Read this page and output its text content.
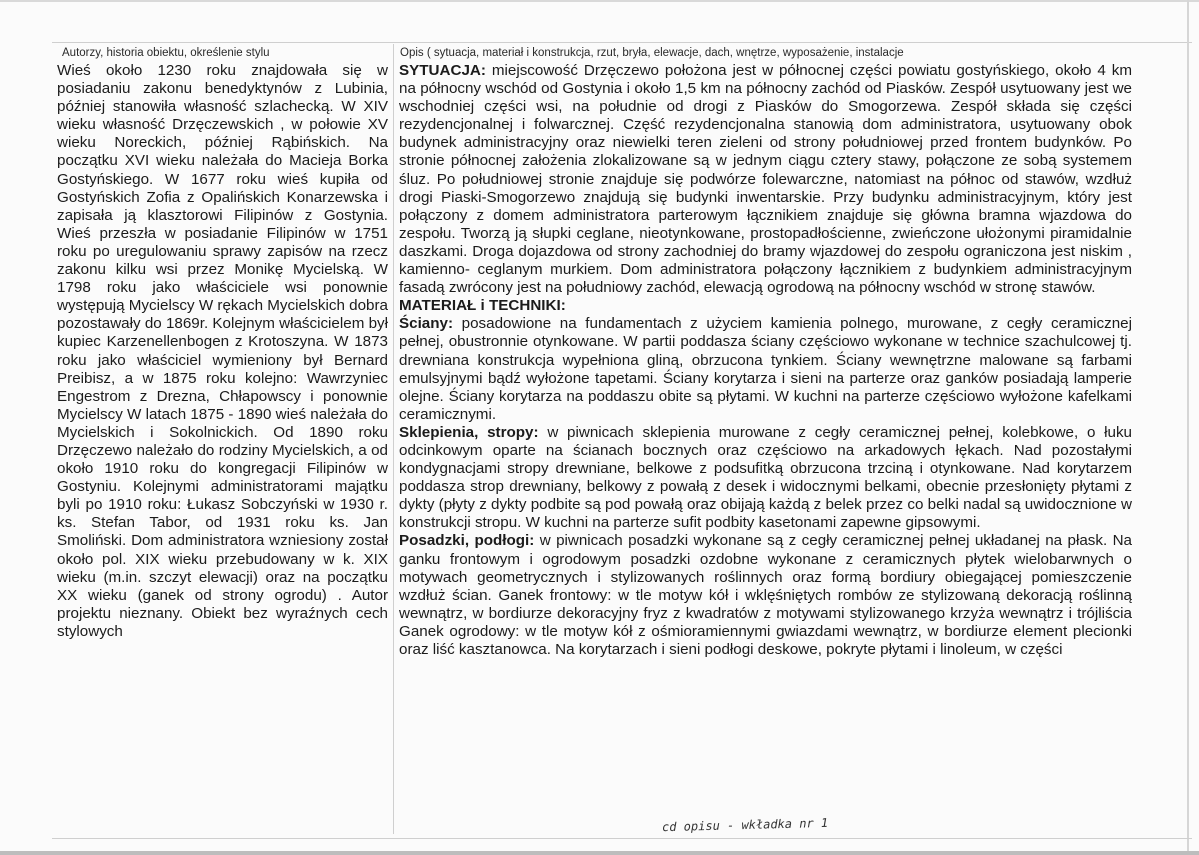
Autorzy, historia obiektu, określenie stylu	Opis ( sytuacja, materiał i konstrukcja, rzut, bryła, elewacje, dach, wnętrze, wyposażenie, instalacje

Wieś około 1230 roku znajdowała się w posiadaniu zakonu benedyktynów z Lubinia, później stanowiła własność szlachecką. W XIV wieku własność Drzęczewskich , w połowie XV wieku Noreckich, później Rąbińskich. Na początku XVI wieku należała do Macieja Borka Gostyńskiego. W 1677 roku wieś kupiła od Gostyńskich Zofia z Opalińskich Konarzewska i zapisała ją klasztorowi Filipinów z Gostynia. Wieś przeszła w posiadanie Filipinów w 1751 roku po uregulowaniu sprawy zapisów na rzecz zakonu kilku wsi przez Monikę Mycielską. W 1798 roku jako właściciele wsi ponownie występują Mycielscy W rękach Mycielskich dobra pozostawały do 1869r. Kolejnym właścicielem był kupiec Karzenellenbogen z Krotoszyna. W 1873 roku jako właściciel wymieniony był Bernard Preibisz, a w 1875 roku kolejno: Wawrzyniec Engestrom z Drezna, Chłapowscy i ponownie Mycielscy W latach 1875 - 1890 wieś należała do Mycielskich i Sokolnickich. Od 1890 roku Drzęczewo należało do rodziny Mycielskich, a od około 1910 roku do kongregacji Filipinów w Gostyniu. Kolejnymi administratorami majątku byli po 1910 roku: Łukasz Sobczyński w 1930 r. ks. Stefan Tabor, od 1931 roku ks. Jan Smoliński. Dom administratora wzniesiony został około pol. XIX wieku przebudowany w k. XIX wieku (m.in. szczyt elewacji) oraz na początku XX wieku (ganek od strony ogrodu) . Autor projektu nieznany. Obiekt bez wyraźnych cech stylowych

SYTUACJA: miejscowość Drzęczewo położona jest w północnej części powiatu gostyńskiego, około 4 km na północny wschód od Gostynia i około 1,5 km na północny zachód od Piasków. Zespół usytuowany jest we wschodniej części wsi, na południe od drogi z Piasków do Smogorzewa. Zespół składa się części rezydencjonalnej i folwarcznej. Część rezydencjonalna stanowią dom administratora, usytuowany obok budynek administracyjny oraz niewielki teren zieleni od strony południowej przed frontem budynków. Po stronie północnej założenia zlokalizowane są w jednym ciągu cztery stawy, połączone ze sobą systemem śluz. Po południowej stronie znajduje się podwórze folewarczne, natomiast na północ od stawów, wzdłuż drogi Piaski-Smogorzewo znajdują się budynki inwentarskie. Przy budynku administracyjnym, który jest połączony z domem administratora parterowym łącznikiem znajduje się główna bramna wjazdowa do zespołu. Tworzą ją słupki ceglane, nieotynkowane, prostopadłościenne, zwieńczone ułożonymi piramidalnie daszkami. Droga dojazdowa od strony zachodniej do bramy wjazdowej do zespołu ograniczona jest niskim , kamienno- ceglanym murkiem. Dom administratora połączony łącznikiem z budynkiem administracyjnym fasadą zwrócony jest na południowy zachód, elewacją ogrodową na północny wschód w stronę stawów.

MATERIAŁ i TECHNIKI:

Ściany: posadowione na fundamentach z użyciem kamienia polnego, murowane, z cegły ceramicznej pełnej, obustronnie otynkowane. W partii poddasza ściany częściowo wykonane w technice szachulcowej tj. drewniana konstrukcja wypełniona gliną, obrzucona tynkiem. Ściany wewnętrzne malowane są farbami emulsyjnymi bądź wyłożone tapetami. Ściany korytarza i sieni na parterze oraz ganków posiadają lamperie olejne. Ściany korytarza na poddaszu obite są płytami. W kuchni na parterze częściowo wyłożone kafelkami ceramicznymi.

Sklepienia, stropy: w piwnicach sklepienia murowane z cegły ceramicznej pełnej, kolebkowe, o łuku odcinkowym oparte na ścianach bocznych oraz częściowo na arkadowych łękach. Nad pozostałymi kondygnacjami stropy drewniane, belkowe z podsufitką obrzucona trzciną i otynkowane. Nad korytarzem poddasza strop drewniany, belkowy z powałą z desek i widocznymi belkami, obecnie przesłonięty płytami z dykty (płyty z dykty podbite są pod powałą oraz obijają każdą z belek przez co belki nadal są uwidocznione w konstrukcji stropu. W kuchni na parterze sufit podbity kasetonami zapewne gipsowymi.

Posadzki, podłogi: w piwnicach posadzki wykonane są z cegły ceramicznej pełnej układanej na płask. Na ganku frontowym i ogrodowym posadzki ozdobne wykonane z ceramicznych płytek wielobarwnych o motywach geometrycznych i stylizowanych roślinnych oraz formą bordiury obiegającej pomieszczenie wzdłuż ścian. Ganek frontowy: w tle motyw kół i wklęśniętych rombów ze stylizowaną dekoracją roślinną wewnątrz, w bordiurze dekoracyjny fryz z kwadratów z motywami stylizowanego krzyża wewnątrz i trójliścia Ganek ogrodowy: w tle motyw kół z ośmioramiennymi gwiazdami wewnątrz, w bordiurze element plecionki oraz liść kasztanowca. Na korytarzach i sieni podłogi deskowe, pokryte płytami i linoleum, w części

cd opisu - wkładka nr 1
